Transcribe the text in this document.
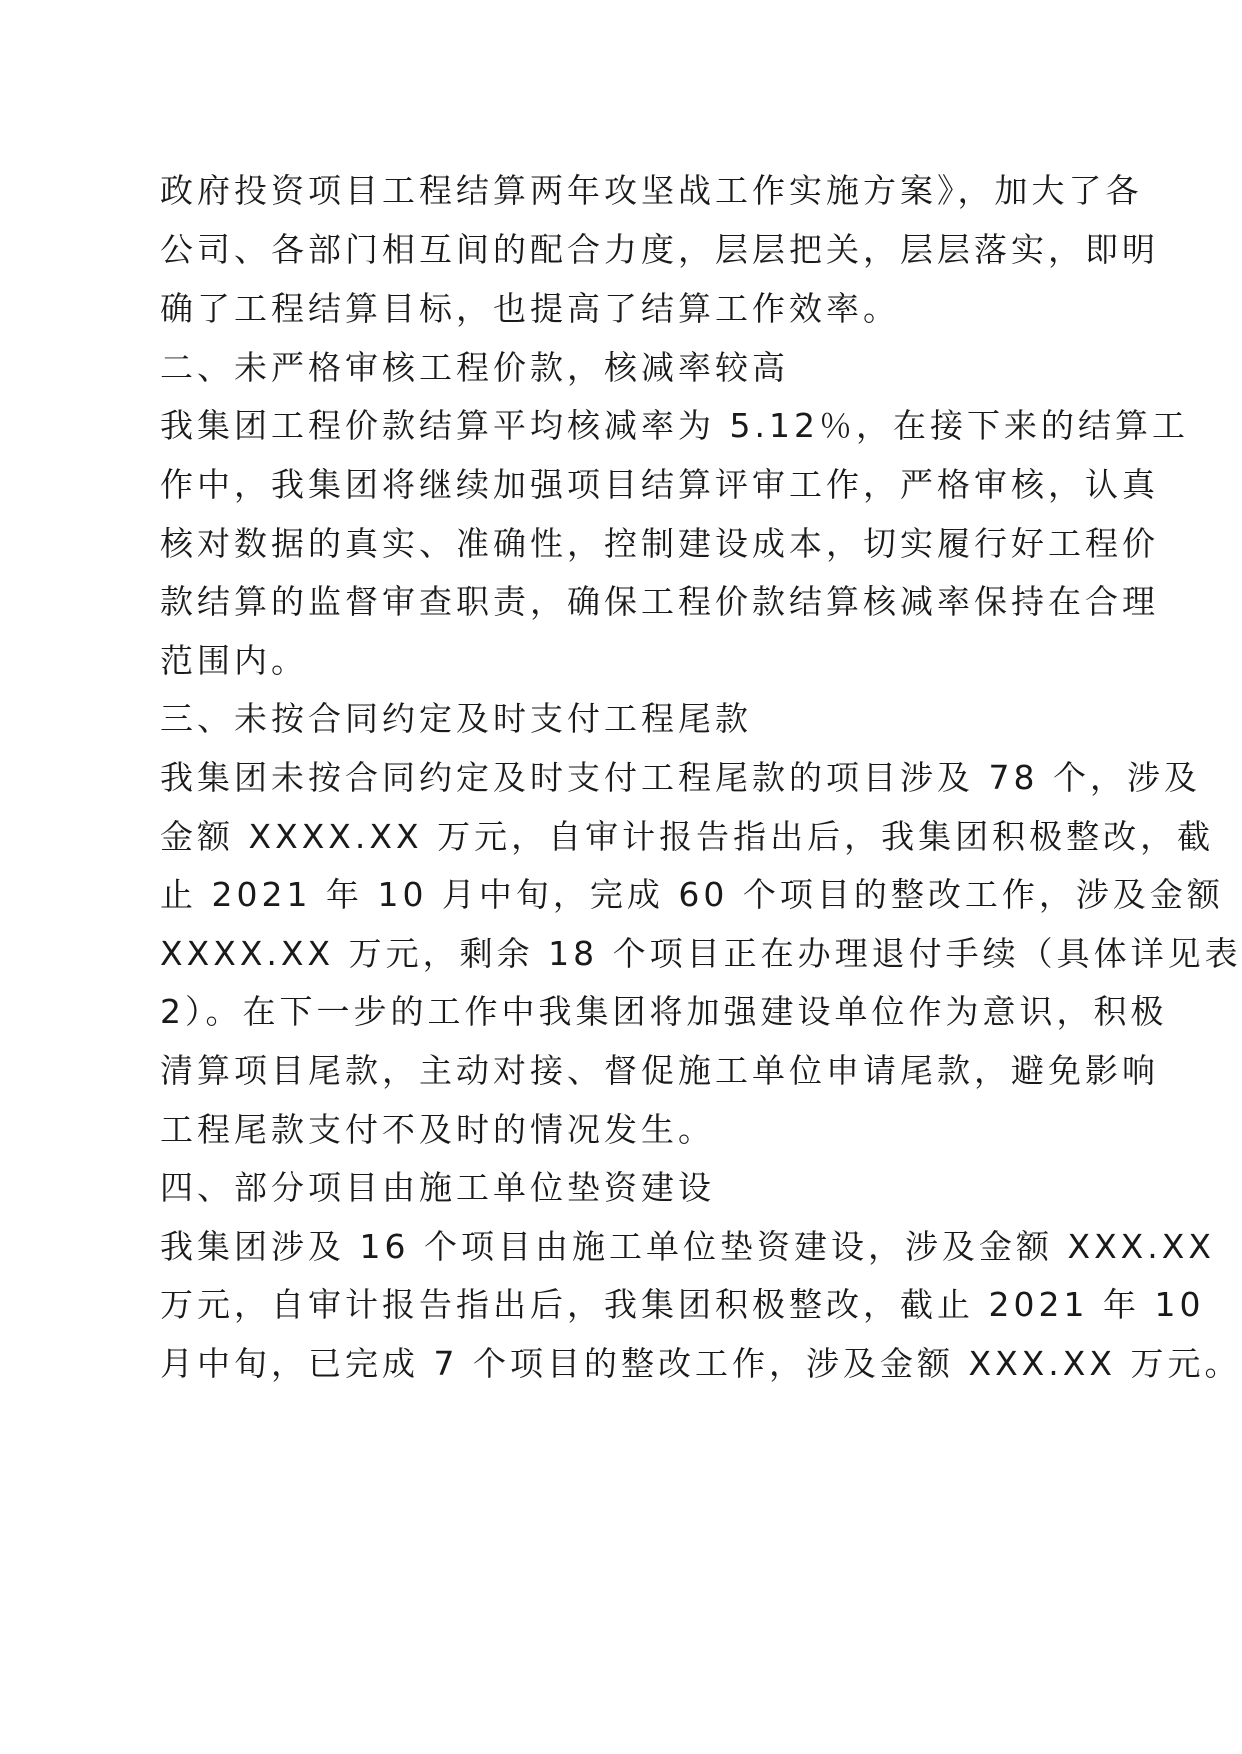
政府投资项目工程结算两年攻坚战工作实施方案》，加大了各

公司、各部门相互间的配合力度，层层把关，层层落实，即明

确了工程结算目标，也提高了结算工作效率。

二、未严格审核工程价款，核减率较高

我集团工程价款结算平均核减率为 5.12％，在接下来的结算工

作中，我集团将继续加强项目结算评审工作，严格审核，认真

核对数据的真实、准确性，控制建设成本，切实履行好工程价

款结算的监督审查职责，确保工程价款结算核减率保持在合理

范围内。

三、未按合同约定及时支付工程尾款

我集团未按合同约定及时支付工程尾款的项目涉及 78 个，涉及

金额 XXXX.XX 万元，自审计报告指出后，我集团积极整改，截

止 2021 年 10 月中旬，完成 60 个项目的整改工作，涉及金额

XXXX.XX 万元，剩余 18 个项目正在办理退付手续（具体详见表

2）。在下一步的工作中我集团将加强建设单位作为意识，积极

清算项目尾款，主动对接、督促施工单位申请尾款，避免影响

工程尾款支付不及时的情况发生。

四、部分项目由施工单位垫资建设

我集团涉及 16 个项目由施工单位垫资建设，涉及金额 XXX.XX

万元，自审计报告指出后，我集团积极整改，截止 2021 年 10

月中旬，已完成 7 个项目的整改工作，涉及金额 XXX.XX 万元。
